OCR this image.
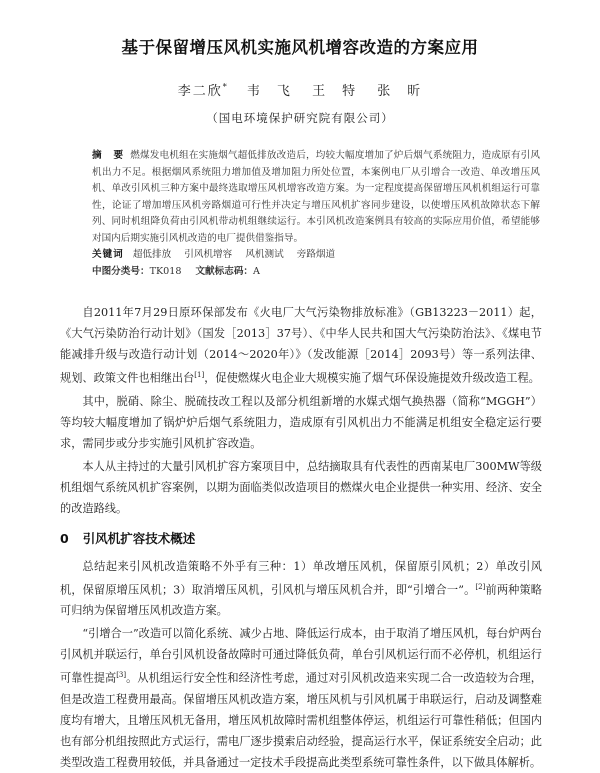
基于保留增压风机实施风机增容改造的方案应用
李二欣* 韦　飞 王　特 张　昕
（国电环境保护研究院有限公司）
摘　要 燃煤发电机组在实施烟气超低排放改造后，均较大幅度增加了炉后烟气系统阻力，造成原有引风机出力不足。根据烟风系统阻力增加值及增加阻力所处位置，本案例电厂从引增合一改造、单改增压风机、单改引风机三种方案中最终选取增压风机增容改造方案。为一定程度提高保留增压风机机组运行可靠性，论证了增加增压风机旁路烟道可行性并决定与增压风机扩容同步建设，以使增压风机故障状态下解列、同时机组降负荷由引风机带动机组继续运行。本引风机改造案例具有较高的实际应用价值，希望能够对国内后期实施引风机改造的电厂提供借鉴指导。
关键词 超低排放 引风机增容 风机测试 旁路烟道
中图分类号：TK018 文献标志码：A

自2011年7月29日原环保部发布《火电厂大气污染物排放标准》（GB13223－2011）起，《大气污染防治行动计划》（国发［2013］37号）、《中华人民共和国大气污染防治法》、《煤电节能减排升级与改造行动计划（2014～2020年）》（发改能源［2014］2093号）等一系列法律、规划、政策文件也相继出台[1]，促使燃煤火电企业大规模实施了烟气环保设施提效升级改造工程。

其中，脱硝、除尘、脱硫技改工程以及部分机组新增的水媒式烟气换热器（简称“MGGH”）等均较大幅度增加了锅炉炉后烟气系统阻力，造成原有引风机出力不能满足机组安全稳定运行要求，需同步或分步实施引风机扩容改造。

本人从主持过的大量引风机扩容方案项目中，总结摘取具有代表性的西南某电厂300MW等级机组烟气系统风机扩容案例，以期为面临类似改造项目的燃煤火电企业提供一种实用、经济、安全的改造路线。

0 引风机扩容技术概述

总结起来引风机改造策略不外乎有三种：1）单改增压风机，保留原引风机；2）单改引风机，保留原增压风机；3）取消增压风机，引风机与增压风机合并，即“引增合一”。[2]前两种策略可归纳为保留增压风机改造方案。

“引增合一”改造可以简化系统、减少占地、降低运行成本，由于取消了增压风机，每台炉两台引风机并联运行，单台引风机设备故障时可通过降低负荷，单台引风机运行而不必停机，机组运行可靠性提高[3]。从机组运行安全性和经济性考虑，通过对引风机改造来实现二合一改造较为合理，但是改造工程费用最高。保留增压风机改造方案，增压风机与引风机属于串联运行，启动及调整难度均有增大，且增压风机无备用，增压风机故障时需机组整体停运，机组运行可靠性稍低；但国内也有部分机组按照此方式运行，需电厂逐步摸索启动经验，提高运行水平，保证系统安全启动；此类型改造工程费用较低，并具备通过一定技术手段提高此类型系统可靠性条件，以下做具体解析。
